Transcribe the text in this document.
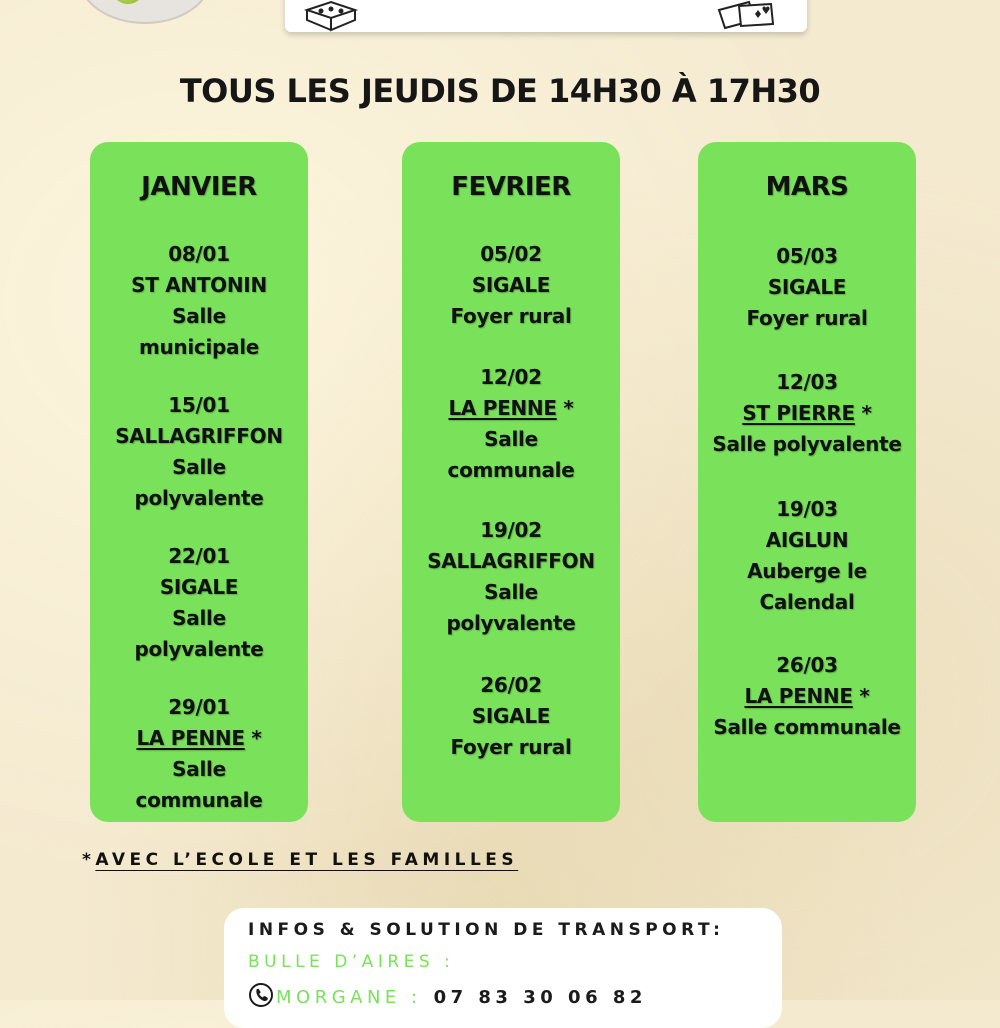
TOUS LES JEUDIS DE 14H30 À 17H30
JANVIER
08/01
ST ANTONIN
Salle
municipale
15/01
SALLAGRIFFON
Salle
polyvalente
22/01
SIGALE
Salle
polyvalente
29/01
LA PENNE *
Salle
communale
FEVRIER
05/02
SIGALE
Foyer rural
12/02
LA PENNE *
Salle
communale
19/02
SALLAGRIFFON
Salle
polyvalente
26/02
SIGALE
Foyer rural
MARS
05/03
SIGALE
Foyer rural
12/03
ST PIERRE *
Salle polyvalente
19/03
AIGLUN
Auberge le
Calendal
26/03
LA PENNE *
Salle communale
*AVEC L’ECOLE ET LES FAMILLES
INFOS & SOLUTION DE TRANSPORT:
BULLE D’AIRES :
MORGANE : 07 83 30 06 82
